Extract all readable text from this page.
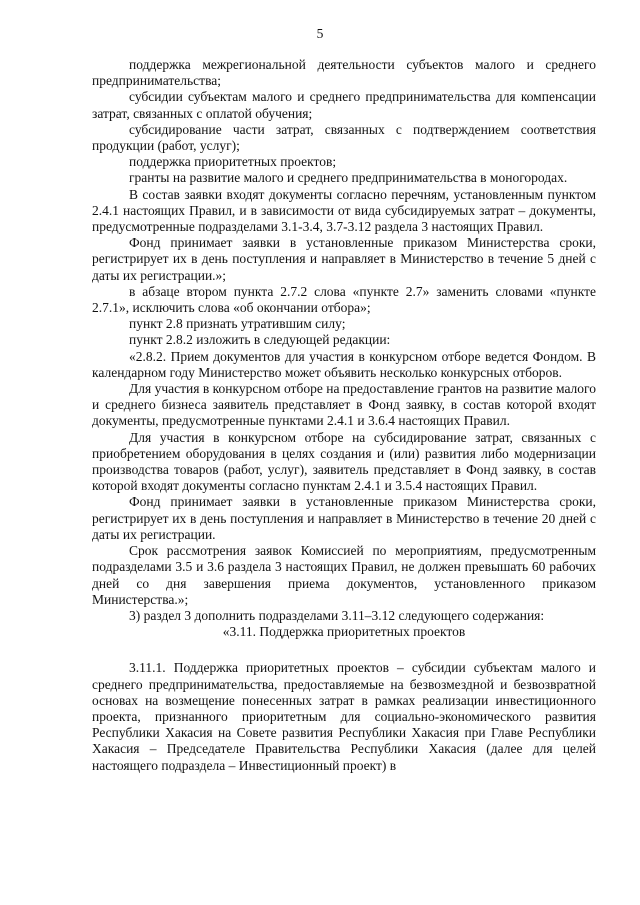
5

поддержка межрегиональной деятельности субъектов малого и среднего предпринимательства;

субсидии субъектам малого и среднего предпринимательства для компенсации затрат, связанных с оплатой обучения;

субсидирование части затрат, связанных с подтверждением соответствия продукции (работ, услуг);

поддержка приоритетных проектов;

гранты на развитие малого и среднего предпринимательства в моногородах.

В состав заявки входят документы согласно перечням, установленным пунктом 2.4.1 настоящих Правил, и в зависимости от вида субсидируемых затрат – документы, предусмотренные подразделами 3.1-3.4, 3.7-3.12 раздела 3 настоящих Правил.

Фонд принимает заявки в установленные приказом Министерства сроки, регистрирует их в день поступления и направляет в Министерство в течение 5 дней с даты их регистрации.»;

в абзаце втором пункта 2.7.2 слова «пункте 2.7» заменить словами «пункте 2.7.1», исключить слова «об окончании отбора»;

пункт 2.8 признать утратившим силу;

пункт 2.8.2 изложить в следующей редакции:

«2.8.2. Прием документов для участия в конкурсном отборе ведется Фондом. В календарном году Министерство может объявить несколько конкурсных отборов.

Для участия в конкурсном отборе на предоставление грантов на развитие малого и среднего бизнеса заявитель представляет в Фонд заявку, в состав которой входят документы, предусмотренные пунктами 2.4.1 и 3.6.4 настоящих Правил.

Для участия в конкурсном отборе на субсидирование затрат, связанных с приобретением оборудования в целях создания и (или) развития либо модернизации производства товаров (работ, услуг), заявитель представляет в Фонд заявку, в состав которой входят документы согласно пунктам 2.4.1 и 3.5.4 настоящих Правил.

Фонд принимает заявки в установленные приказом Министерства сроки, регистрирует их в день поступления и направляет в Министерство в течение 20 дней с даты их регистрации.

Срок рассмотрения заявок Комиссией по мероприятиям, предусмотренным подразделами 3.5 и 3.6 раздела 3 настоящих Правил, не должен превышать 60 рабочих дней со дня завершения приема документов, установленного приказом Министерства.»;

3) раздел 3 дополнить подразделами 3.11–3.12 следующего содержания:

«3.11. Поддержка приоритетных проектов

3.11.1. Поддержка приоритетных проектов – субсидии субъектам малого и среднего предпринимательства, предоставляемые на безвозмездной и безвозвратной основах на возмещение понесенных затрат в рамках реализации инвестиционного проекта, признанного приоритетным для социально-экономического развития Республики Хакасия на Совете развития Республики Хакасия при Главе Республики Хакасия – Председателе Правительства Республики Хакасия (далее для целей настоящего подраздела – Инвестиционный проект) в
